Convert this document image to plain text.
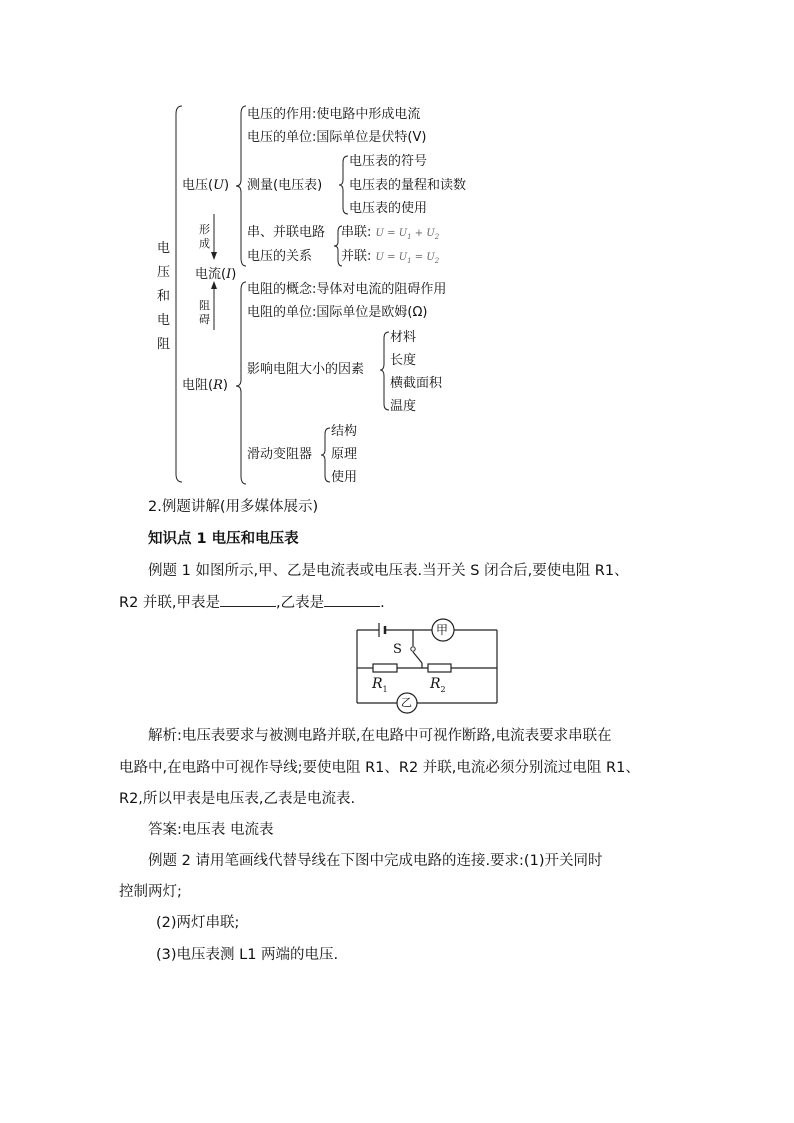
电
压
和
电
阻
电压(U)
形
成
电流(I)
阻
碍
电阻(R)
电压的作用:使电路中形成电流
电压的单位:国际单位是伏特(V)
测量(电压表)
电压表的符号
电压表的量程和读数
电压表的使用
串、并联电路
电压的关系
串联: $U = U_1 + U_2$
并联: $U = U_1 = U_2$
电阻的概念:导体对电流的阻碍作用
电阻的单位:国际单位是欧姆(Ω)
影响电阻大小的因素
材料
长度
横截面积
温度
滑动变阻器
结构
原理
使用
2.例题讲解(用多媒体展示)
知识点 1 电压和电压表
例题 1 如图所示,甲、乙是电流表或电压表.当开关 S 闭合后,要使电阻 R1、
R2 并联,甲表是	,乙表是	.
甲
乙
S
$R_1$	$R_2$
解析:电压表要求与被测电路并联,在电路中可视作断路,电流表要求串联在
电路中,在电路中可视作导线;要使电阻 R1、R2 并联,电流必须分别流过电阻 R1、
R2,所以甲表是电压表,乙表是电流表.
答案:电压表 电流表
例题 2 请用笔画线代替导线在下图中完成电路的连接.要求:(1)开关同时
控制两灯;
(2)两灯串联;
(3)电压表测 L1 两端的电压.
